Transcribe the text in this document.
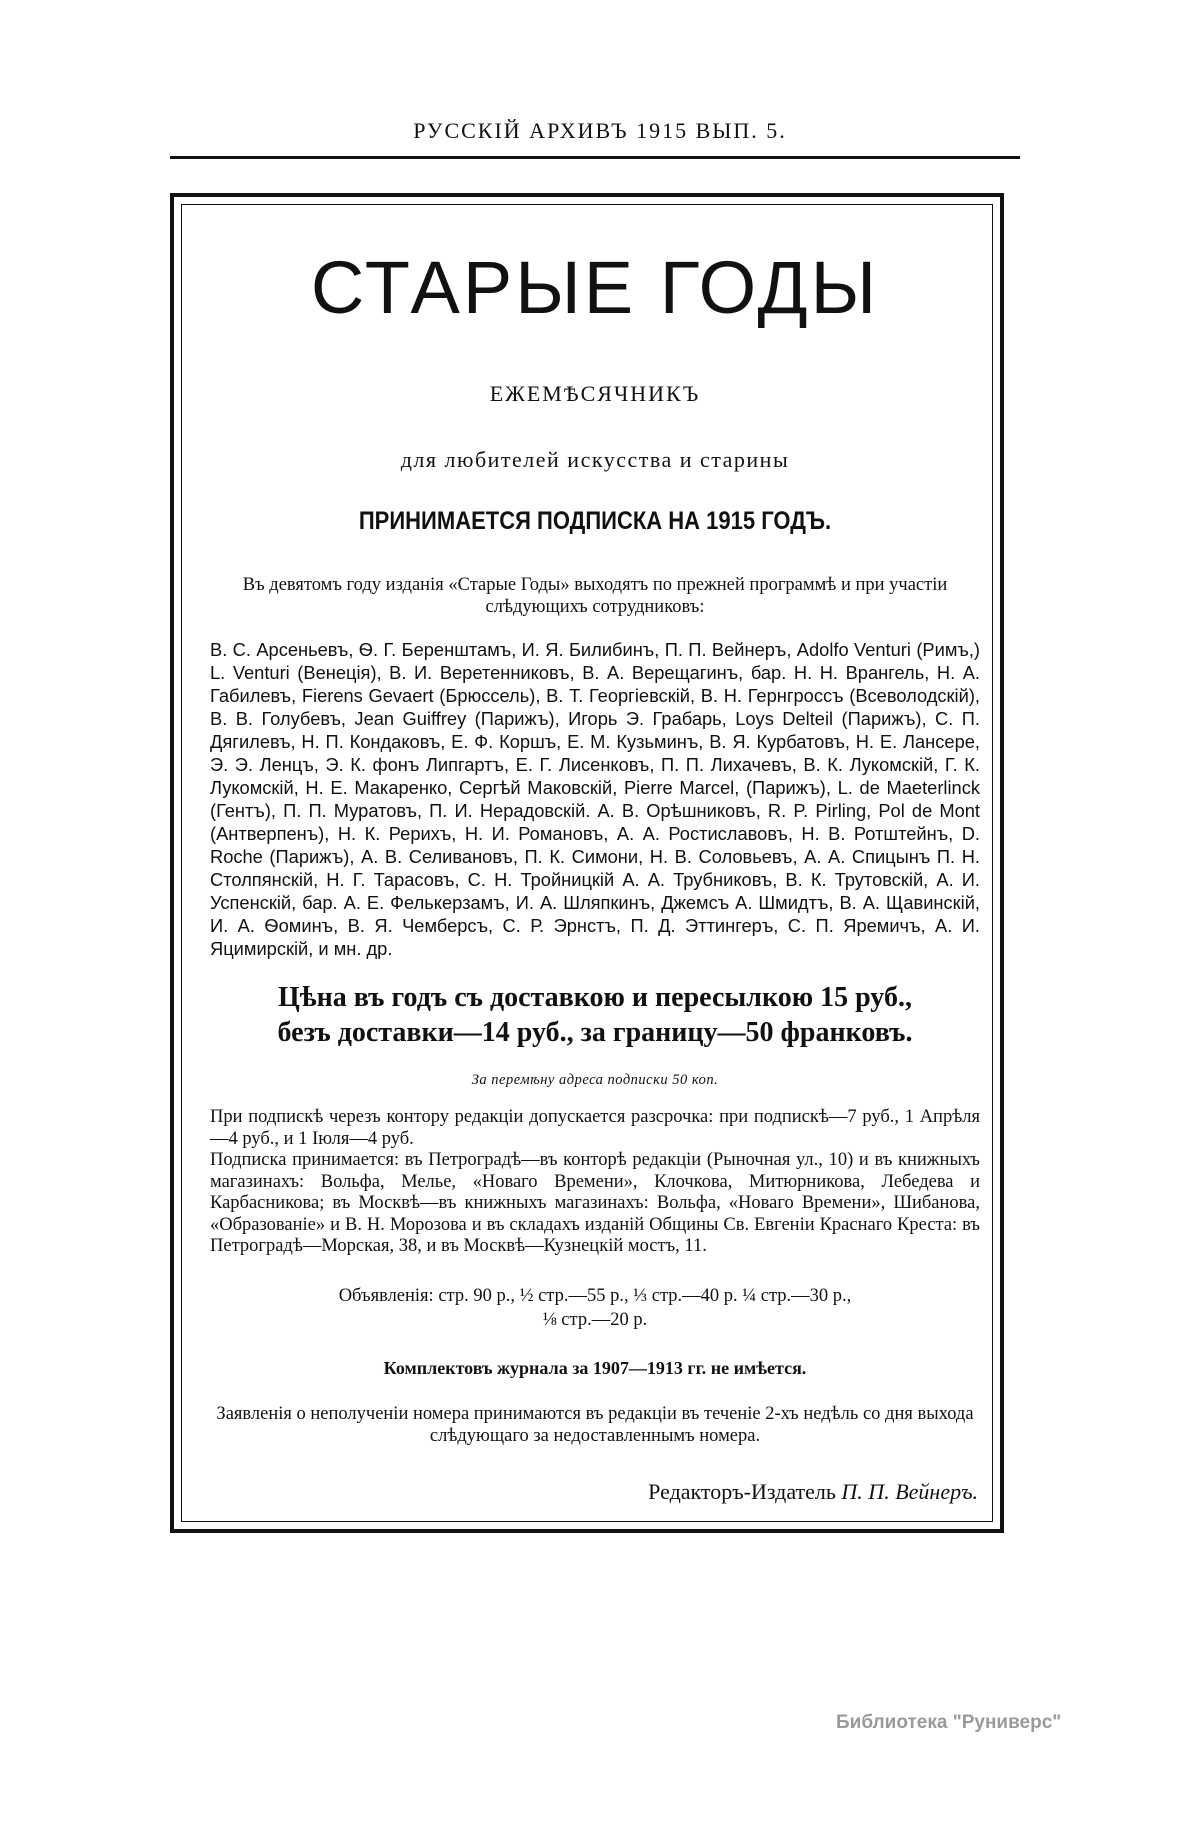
РУССКІЙ АРХИВЪ 1915 ВЫП. 5.
СТАРЫЕ ГОДЫ
ЕЖЕМѢСЯЧНИКЪ
для любителей искусства и старины
ПРИНИМАЕТСЯ ПОДПИСКА НА 1915 ГОДЪ.
Въ девятомъ году изданія «Старые Годы» выходятъ по прежней программѣ и при участіи слѣдующихъ сотрудниковъ:
В. С. Арсеньевъ, Ѳ. Г. Беренштамъ, И. Я. Билибинъ, П. П. Вейнеръ, Adolfo Venturi (Римъ,) L. Venturi (Венеція), В. И. Веретенниковъ, В. А. Верещагинъ, бар. Н. Н. Врангель, Н. А. Габилевъ, Fierens Gevaert (Брюссель), В. Т. Георгіевскій, В. Н. Гернгроссъ (Всеволодскій), В. В. Голубевъ, Jean Guiffrey (Парижъ), Игорь Э. Грабарь, Loys Delteil (Парижъ), С. П. Дягилевъ, Н. П. Кондаковъ, Е. Ф. Коршъ, Е. М. Кузьминъ, В. Я. Курбатовъ, Н. Е. Лансере, Э. Э. Ленцъ, Э. К. фонъ Липгартъ, Е. Г. Лисенковъ, П. П. Лихачевъ, В. К. Лукомскій, Г. К. Лукомскій, Н. Е. Макаренко, Сергѣй Маковскій, Pierre Marcel, (Парижъ), L. de Maeterlinck (Гентъ), П. П. Муратовъ, П. И. Нерадовскій. А. В. Орѣшниковъ, R. P. Pirling, Pol de Mont (Антверпенъ), Н. К. Рерихъ, Н. И. Романовъ, А. А. Ростиславовъ, Н. В. Ротштейнъ, D. Roche (Парижъ), А. В. Селивановъ, П. К. Симони, Н. В. Соловьевъ, А. А. Спицынъ П. Н. Столпянскій, Н. Г. Тарасовъ, С. Н. Тройницкій А. А. Трубниковъ, В. К. Трутовскій, А. И. Успенскій, бар. А. Е. Фелькерзамъ, И. А. Шляпкинъ, Джемсъ А. Шмидтъ, В. А. Щавинскій, И. А. Ѳоминъ, В. Я. Чемберсъ, С. Р. Эрнстъ, П. Д. Эттингеръ, С. П. Яремичъ, А. И. Яцимирскій, и мн. др.
Цѣна въ годъ съ доставкою и пересылкою 15 руб.,
безъ доставки—14 руб., за границу—50 франковъ.
За перемѣну адреса подписки 50 коп.

При подпискѣ черезъ контору редакціи допускается разсрочка: при подпискѣ—7 руб., 1 Апрѣля—4 руб., и 1 Іюля—4 руб.

Подписка принимается: въ Петроградѣ—въ конторѣ редакціи (Рыночная ул., 10) и въ книжныхъ магазинахъ: Вольфа, Мелье, «Новаго Времени», Клочкова, Митюрникова, Лебедева и Карбасникова; въ Москвѣ—въ книжныхъ магазинахъ: Вольфа, «Новаго Времени», Шибанова, «Образованіе» и В. Н. Морозова и въ складахъ изданій Общины Св. Евгеніи Краснаго Креста: въ Петроградѣ—Морская, 38, и въ Москвѣ—Кузнецкій мостъ, 11.

Объявленія: стр. 90 р., ½ стр.—55 р., ⅓ стр.—40 р. ¼ стр.—30 р.,
⅛ стр.—20 р.
Комплектовъ журнала за 1907—1913 гг. не имѣется.
Заявленія о неполученіи номера принимаются въ редакціи въ теченіе 2-хъ недѣль со дня выхода слѣдующаго за недоставленнымъ номера.
Редакторъ-Издатель П. П. Вейнеръ.
Библиотека "Руниверс"
